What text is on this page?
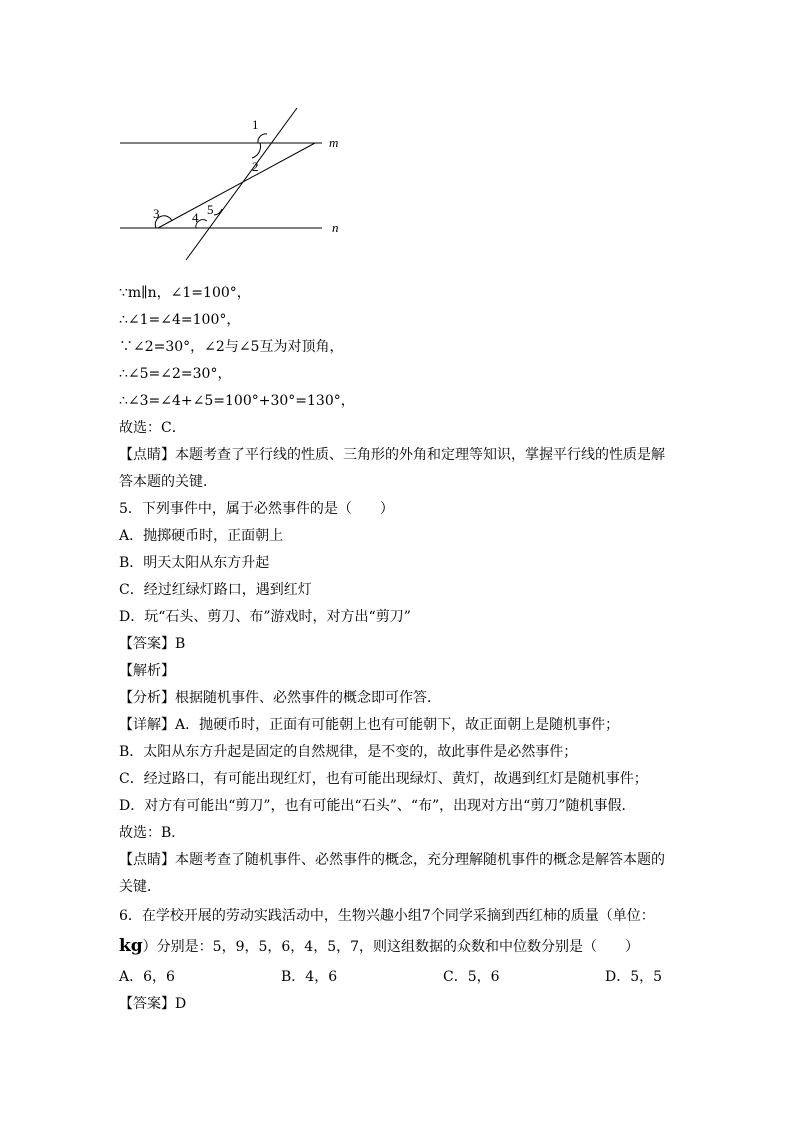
1
2
3	4
5
m
n
∵m∥n，∠1=100°，
∴∠1=∠4=100°，
∵∠2=30°，∠2与∠5互为对顶角，
∴∠5=∠2=30°，
∴∠3=∠4+∠5=100°+30°=130°，
故选：C．
【点睛】本题考查了平行线的性质、三角形的外角和定理等知识，掌握平行线的性质是解
答本题的关键．
5．下列事件中，属于必然事件的是（　　）
A．抛掷硬币时，正面朝上
B．明天太阳从东方升起
C．经过红绿灯路口，遇到红灯
D．玩“石头、剪刀、布”游戏时，对方出“剪刀”
【答案】B
【解析】
【分析】根据随机事件、必然事件的概念即可作答．
【详解】A．抛硬币时，正面有可能朝上也有可能朝下，故正面朝上是随机事件；
B．太阳从东方升起是固定的自然规律，是不变的，故此事件是必然事件；
C．经过路口，有可能出现红灯，也有可能出现绿灯、黄灯，故遇到红灯是随机事件；
D．对方有可能出“剪刀”，也有可能出“石头”、“布”，出现对方出“剪刀”随机事假．
故选：B．
【点睛】本题考查了随机事件、必然事件的概念，充分理解随机事件的概念是解答本题的
关键．
6．在学校开展的劳动实践活动中，生物兴趣小组7个同学采摘到西红柿的质量（单位：
kg）分别是：5，9，5，6，4，5，7，则这组数据的众数和中位数分别是（　　）
A．6，6	B．4，6	C．5，6	D．5，5
【答案】D
